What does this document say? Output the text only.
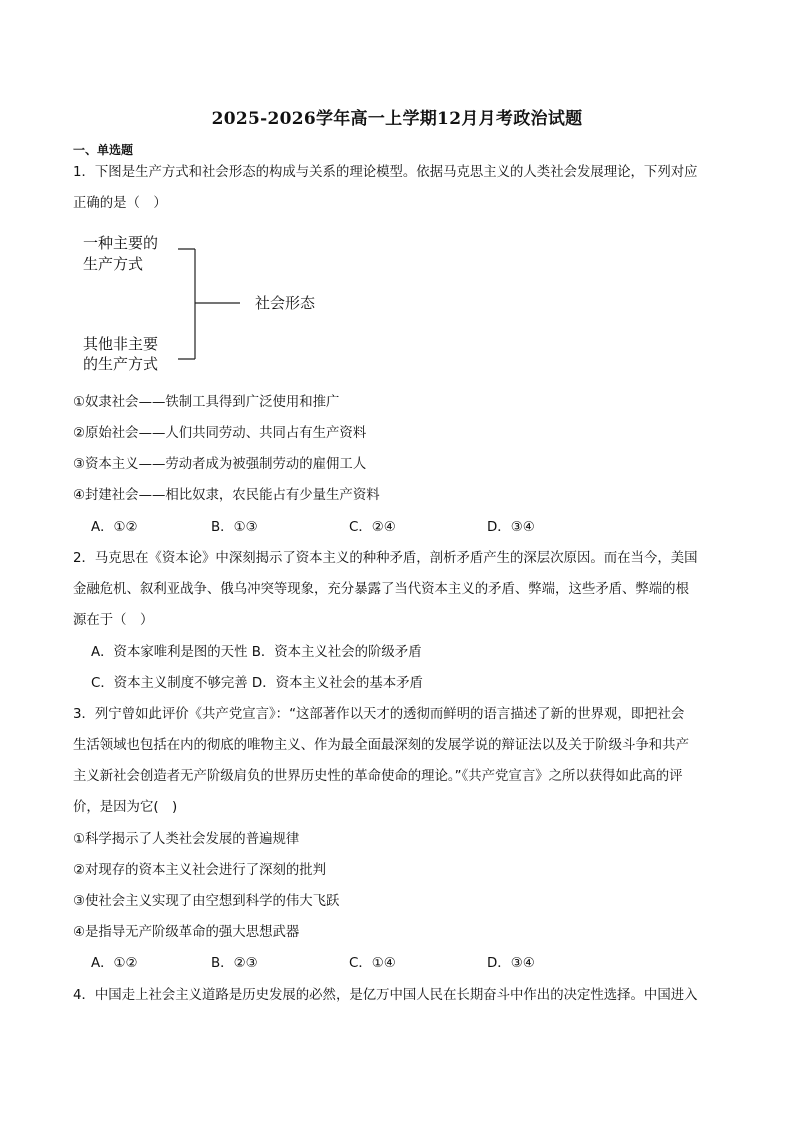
2025-2026学年高一上学期12月月考政治试题
一、单选题
1．下图是生产方式和社会形态的构成与关系的理论模型。依据马克思主义的人类社会发展理论，下列对应
正确的是（　）
一种主要的
生产方式
其他非主要
的生产方式
社会形态
①奴隶社会——铁制工具得到广泛使用和推广
②原始社会——人们共同劳动、共同占有生产资料
③资本主义——劳动者成为被强制劳动的雇佣工人
④封建社会——相比奴隶，农民能占有少量生产资料
A．①②	B．①③	C．②④	D．③④
2．马克思在《资本论》中深刻揭示了资本主义的种种矛盾，剖析矛盾产生的深层次原因。而在当今，美国
金融危机、叙利亚战争、俄乌冲突等现象，充分暴露了当代资本主义的矛盾、弊端，这些矛盾、弊端的根
源在于（　）
A．资本家唯利是图的天性 B．资本主义社会的阶级矛盾
C．资本主义制度不够完善 D．资本主义社会的基本矛盾
3．列宁曾如此评价《共产党宣言》：“这部著作以天才的透彻而鲜明的语言描述了新的世界观，即把社会
生活领域也包括在内的彻底的唯物主义、作为最全面最深刻的发展学说的辩证法以及关于阶级斗争和共产
主义新社会创造者无产阶级肩负的世界历史性的革命使命的理论。”《共产党宣言》之所以获得如此高的评
价，是因为它(　)
①科学揭示了人类社会发展的普遍规律
②对现存的资本主义社会进行了深刻的批判
③使社会主义实现了由空想到科学的伟大飞跃
④是指导无产阶级革命的强大思想武器
A．①②	B．②③	C．①④	D．③④
4．中国走上社会主义道路是历史发展的必然，是亿万中国人民在长期奋斗中作出的决定性选择。中国进入
